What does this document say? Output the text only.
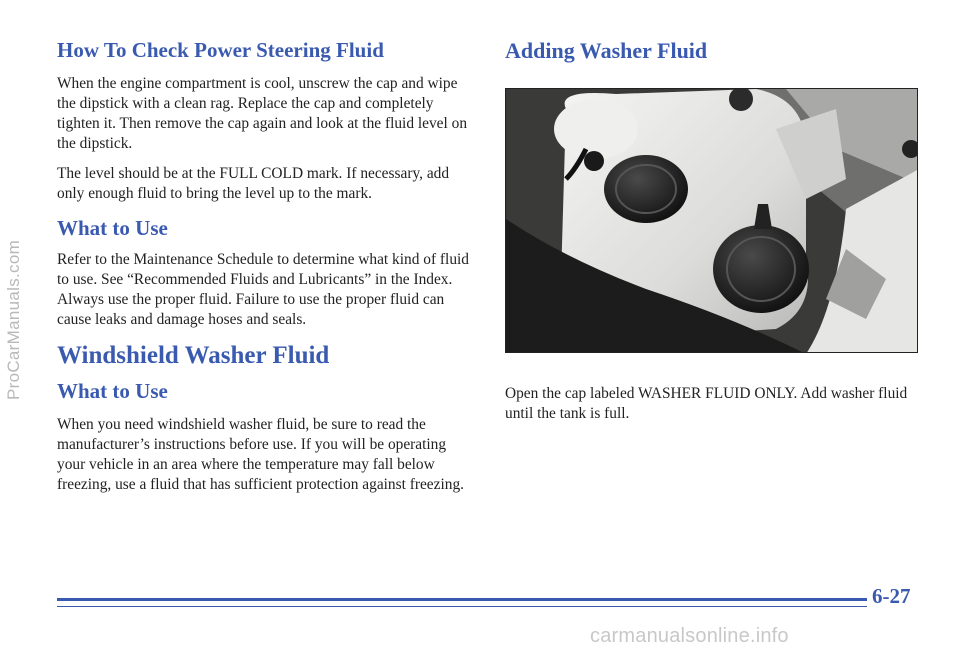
ProCarManuals.com
How To Check Power Steering Fluid

When the engine compartment is cool, unscrew the cap and wipe the dipstick with a clean rag. Replace the cap and completely tighten it. Then remove the cap again and look at the fluid level on the dipstick.

The level should be at the FULL COLD mark. If necessary, add only enough fluid to bring the level up to the mark.

What to Use

Refer to the Maintenance Schedule to determine what kind of fluid to use. See “Recommended Fluids and Lubricants” in the Index. Always use the proper fluid. Failure to use the proper fluid can cause leaks and damage hoses and seals.

Windshield Washer Fluid
What to Use

When you need windshield washer fluid, be sure to read the manufacturer’s instructions before use. If you will be operating your vehicle in an area where the temperature may fall below freezing, use a fluid that has sufficient protection against freezing.

Adding Washer Fluid

Open the cap labeled WASHER FLUID ONLY. Add washer fluid until the tank is full.

6-27
carmanualsonline.info
